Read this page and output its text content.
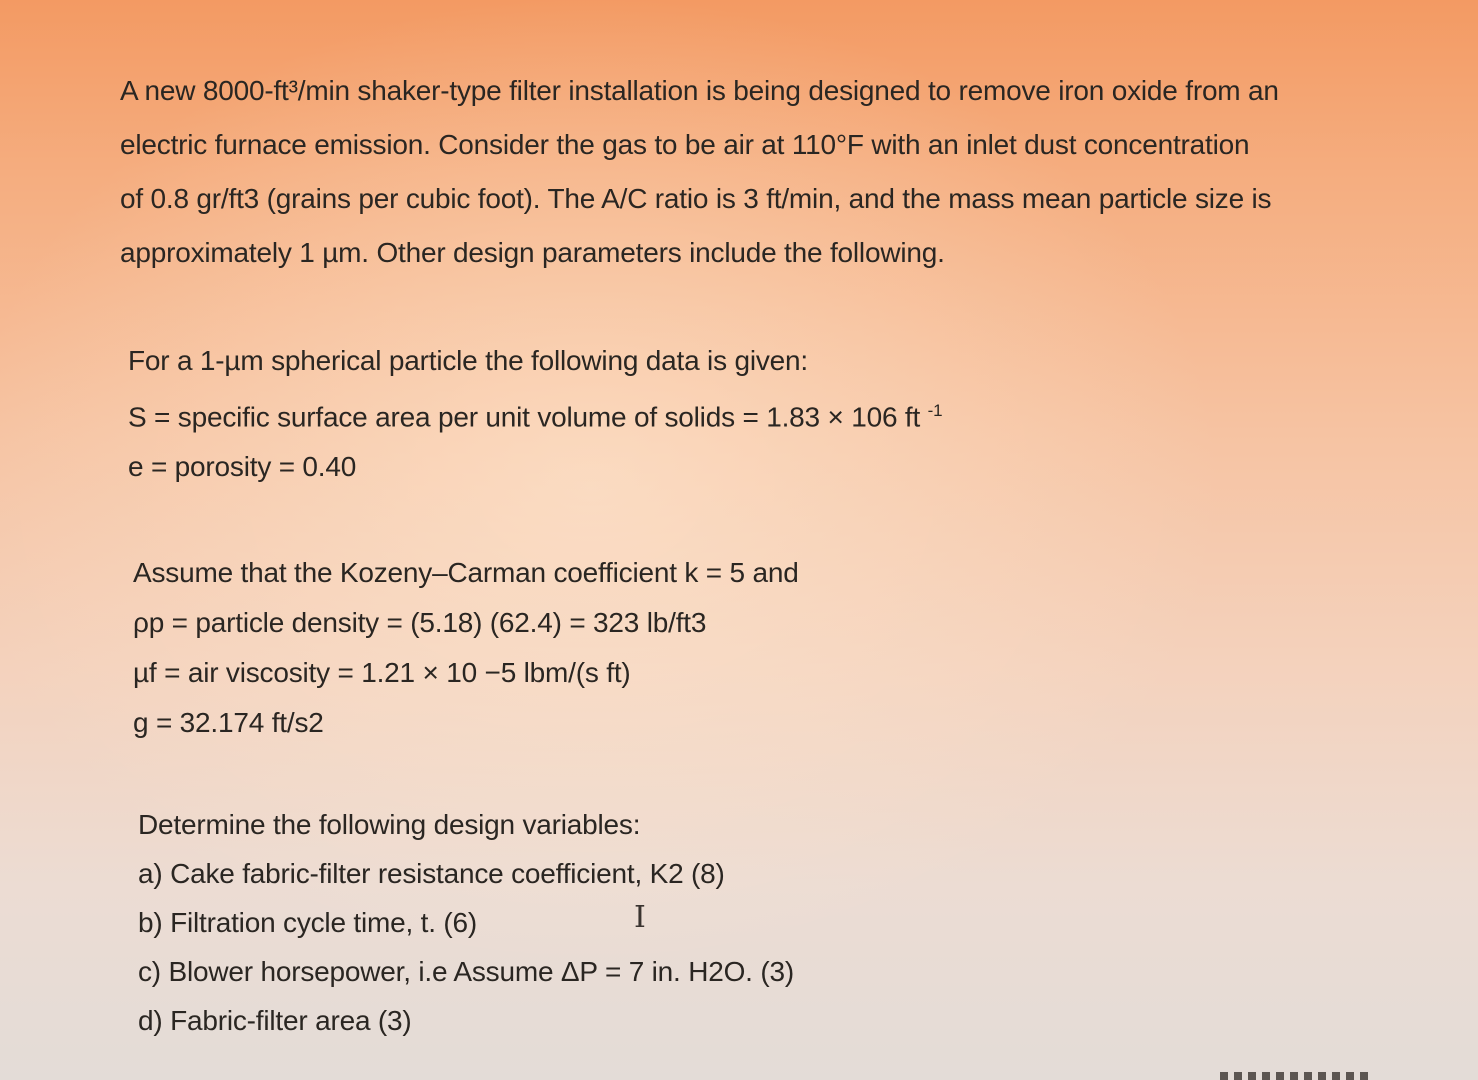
A new 8000-ft³/min shaker-type filter installation is being designed to remove iron oxide from an
electric furnace emission. Consider the gas to be air at 110°F with an inlet dust concentration
of 0.8 gr/ft3 (grains per cubic foot). The A/C ratio is 3 ft/min, and the mass mean particle size is
approximately 1 µm. Other design parameters include the following.
For a 1-µm spherical particle the following data is given:
S = specific surface area per unit volume of solids = 1.83 × 106 ft $^{-1}$
e = porosity = 0.40
Assume that the Kozeny–Carman coefficient k = 5 and
ρp = particle density = (5.18) (62.4) = 323 lb/ft3
µf = air viscosity = 1.21 × 10 −5 lbm/(s ft)
g = 32.174 ft/s2
Determine the following design variables:
a) Cake fabric-filter resistance coefficient, K2 (8)
b) Filtration cycle time, t. (6)
c) Blower horsepower, i.e Assume ΔP = 7 in. H2O. (3)
d) Fabric-filter area (3)
I
